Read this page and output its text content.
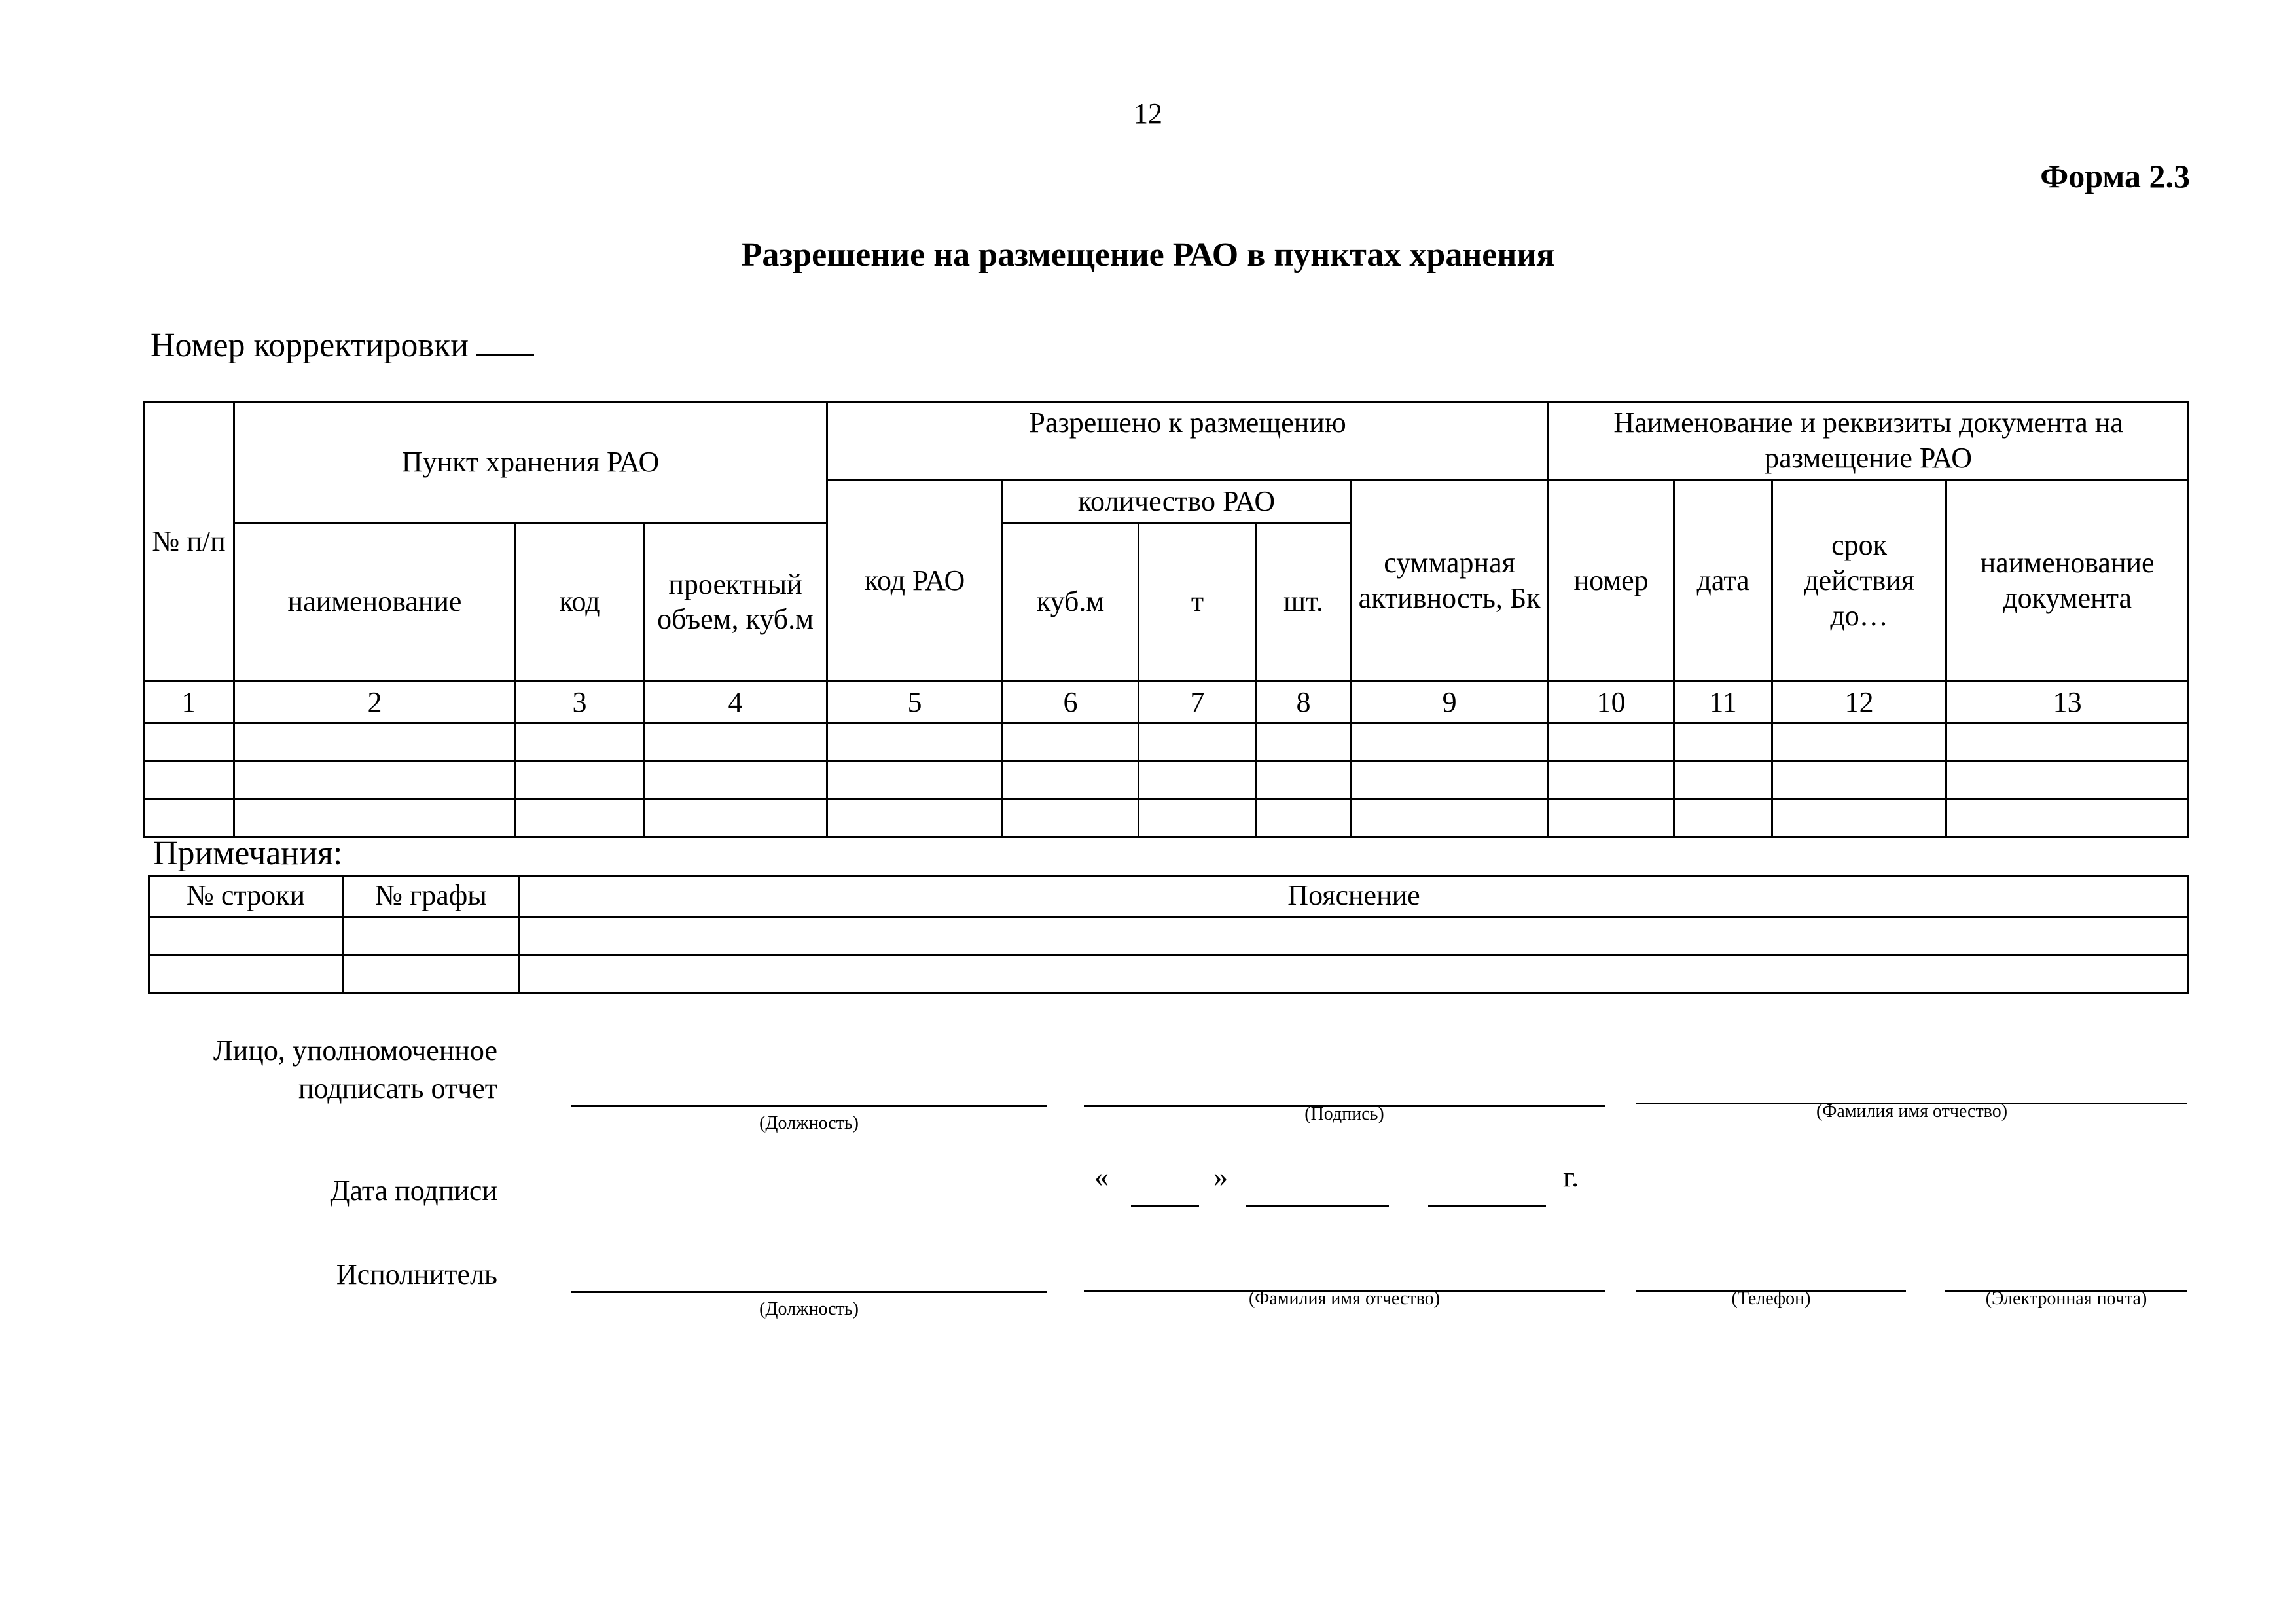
12
Форма 2.3
Разрешение на размещение РАО в пунктах хранения
Номер корректировки
№ п/п	Пункт хранения РАО			Разрешено к размещению					Наименование и реквизиты документа на размещение РАО			
				код РАО	количество РАО			суммарная активность, Бк	номер	дата	срок действия до…	наименование документа
	наименование	код	проектный объем, куб.м		куб.м	т	шт.					
1	2	3	4	5	6	7	8	9	10	11	12	13

Примечания:
№ строки	№ графы	Пояснение

Лицо, уполномоченное подписать отчет
(Должность)	(Подпись)	(Фамилия имя отчество)
Дата подписи	«	»	г.
Исполнитель
(Должность)
(Фамилия имя отчество)	(Телефон)	(Электронная почта)
